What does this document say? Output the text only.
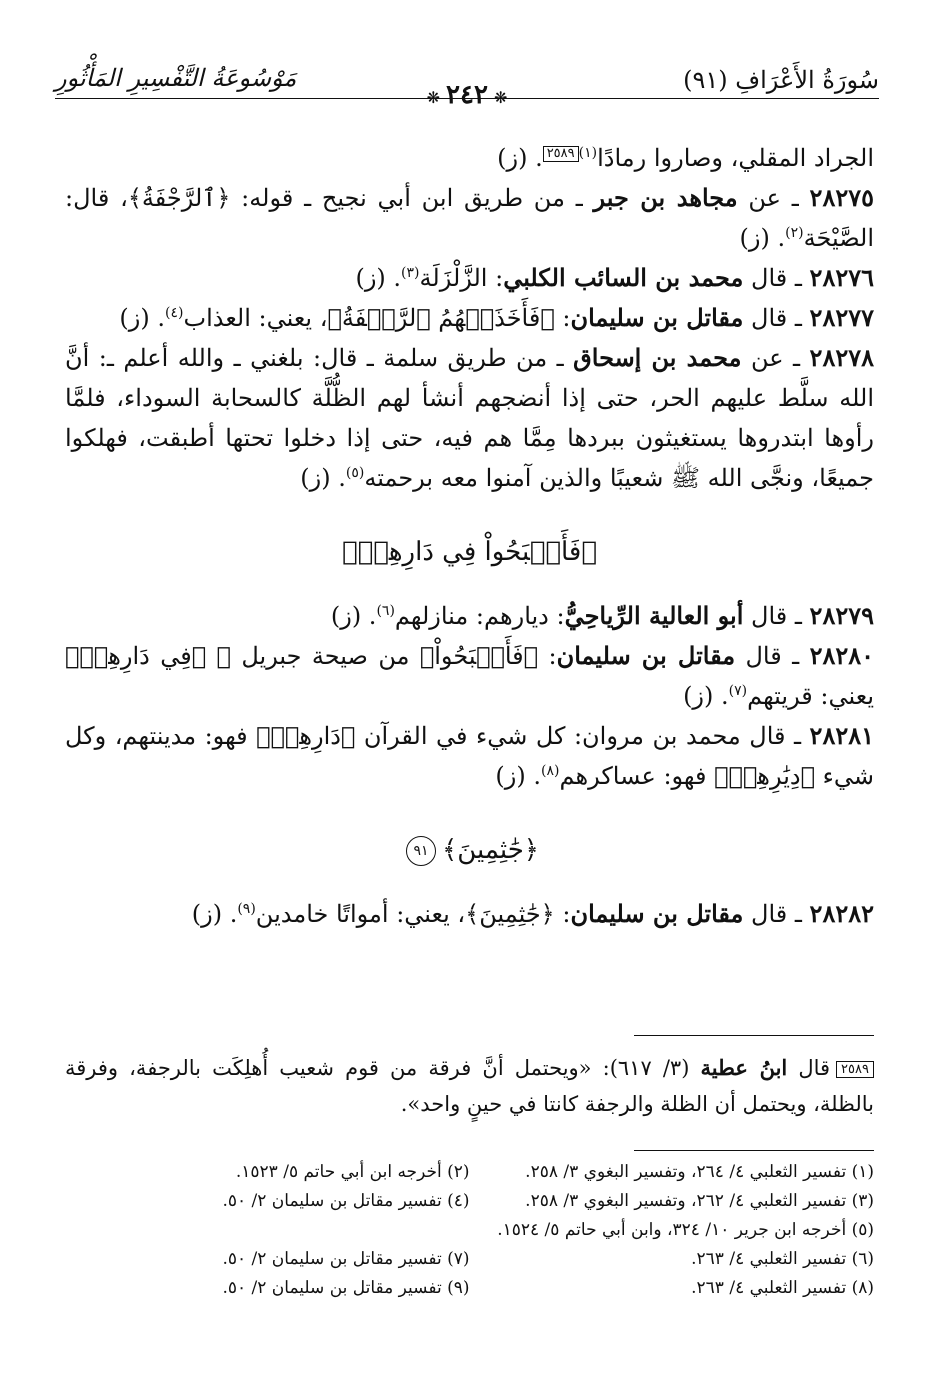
سُورَةُ الأَعْرَافِ (٩١)
❋٢٤٢❋
مَوْسُوعَةُ التَّفْسِيرِ المَأْثُورِ

الجراد المقلي، وصاروا رمادًا$^{(١)}$٢٥٨٩. (ز)

٢٨٢٧٥ ـ عن مجاهد بن جبر ـ من طريق ابن أبي نجيح ـ قوله: ﴿ٱلرَّجْفَةُ﴾، قال: الصَّيْحَة$^{(٢)}$. (ز)

٢٨٢٧٦ ـ قال محمد بن السائب الكلبي: الزَّلْزَلَة$^{(٣)}$. (ز)

٢٨٢٧٧ ـ قال مقاتل بن سليمان: ﴿فَأَخَذَتۡهُمُ ٱلرَّجۡفَةُ﴾، يعني: العذاب$^{(٤)}$. (ز)

٢٨٢٧٨ ـ عن محمد بن إسحاق ـ من طريق سلمة ـ قال: بلغني ـ والله أعلم ـ: أنَّ الله سلَّط عليهم الحر، حتى إذا أنضجهم أنشأ لهم الظُّلَّة كالسحابة السوداء، فلمَّا رأوها ابتدروها يستغيثون ببردها مِمَّا هم فيه، حتى إذا دخلوا تحتها أطبقت، فهلكوا جميعًا، ونجَّى الله ﷺ شعيبًا والذين آمنوا معه برحمته$^{(٥)}$. (ز)

﴿فَأَصۡبَحُواْ فِي دَارِهِمۡ﴾

٢٨٢٧٩ ـ قال أبو العالية الرِّياحِيُّ: ديارهم: منازلهم$^{(٦)}$. (ز)

٢٨٢٨٠ ـ قال مقاتل بن سليمان: ﴿فَأَصۡبَحُواْ﴾ من صيحة جبريل ﵇ ﴿فِي دَارِهِمۡ﴾ يعني: قريتهم$^{(٧)}$. (ز)

٢٨٢٨١ ـ قال محمد بن مروان: كل شيء في القرآن ﴿دَارِهِمۡ﴾ فهو: مدينتهم، وكل شيء ﴿دِيَٰرِهِمۡ﴾ فهو: عساكرهم$^{(٨)}$. (ز)

﴿جَٰثِمِينَ﴾٩١

٢٨٢٨٢ ـ قال مقاتل بن سليمان: ﴿جَٰثِمِينَ﴾، يعني: أمواتًا خامدين$^{(٩)}$. (ز)

٢٥٨٩قال ابنُ عطية (٣/ ٦١٧): «ويحتمل أنَّ فرقة من قوم شعيب أُهلِكَت بالرجفة، وفرقة بالظلة، ويحتمل أن الظلة والرجفة كانتا في حينٍ واحد».
(١) تفسير الثعلبي ٤/ ٢٦٤، وتفسير البغوي ٣/ ٢٥٨.
(٢) أخرجه ابن أبي حاتم ٥/ ١٥٢٣.
(٣) تفسير الثعلبي ٤/ ٢٦٢، وتفسير البغوي ٣/ ٢٥٨.
(٤) تفسير مقاتل بن سليمان ٢/ ٥٠.
(٥) أخرجه ابن جرير ١٠/ ٣٢٤، وابن أبي حاتم ٥/ ١٥٢٤.
(٦) تفسير الثعلبي ٤/ ٢٦٣.
(٧) تفسير مقاتل بن سليمان ٢/ ٥٠.
(٨) تفسير الثعلبي ٤/ ٢٦٣.
(٩) تفسير مقاتل بن سليمان ٢/ ٥٠.
